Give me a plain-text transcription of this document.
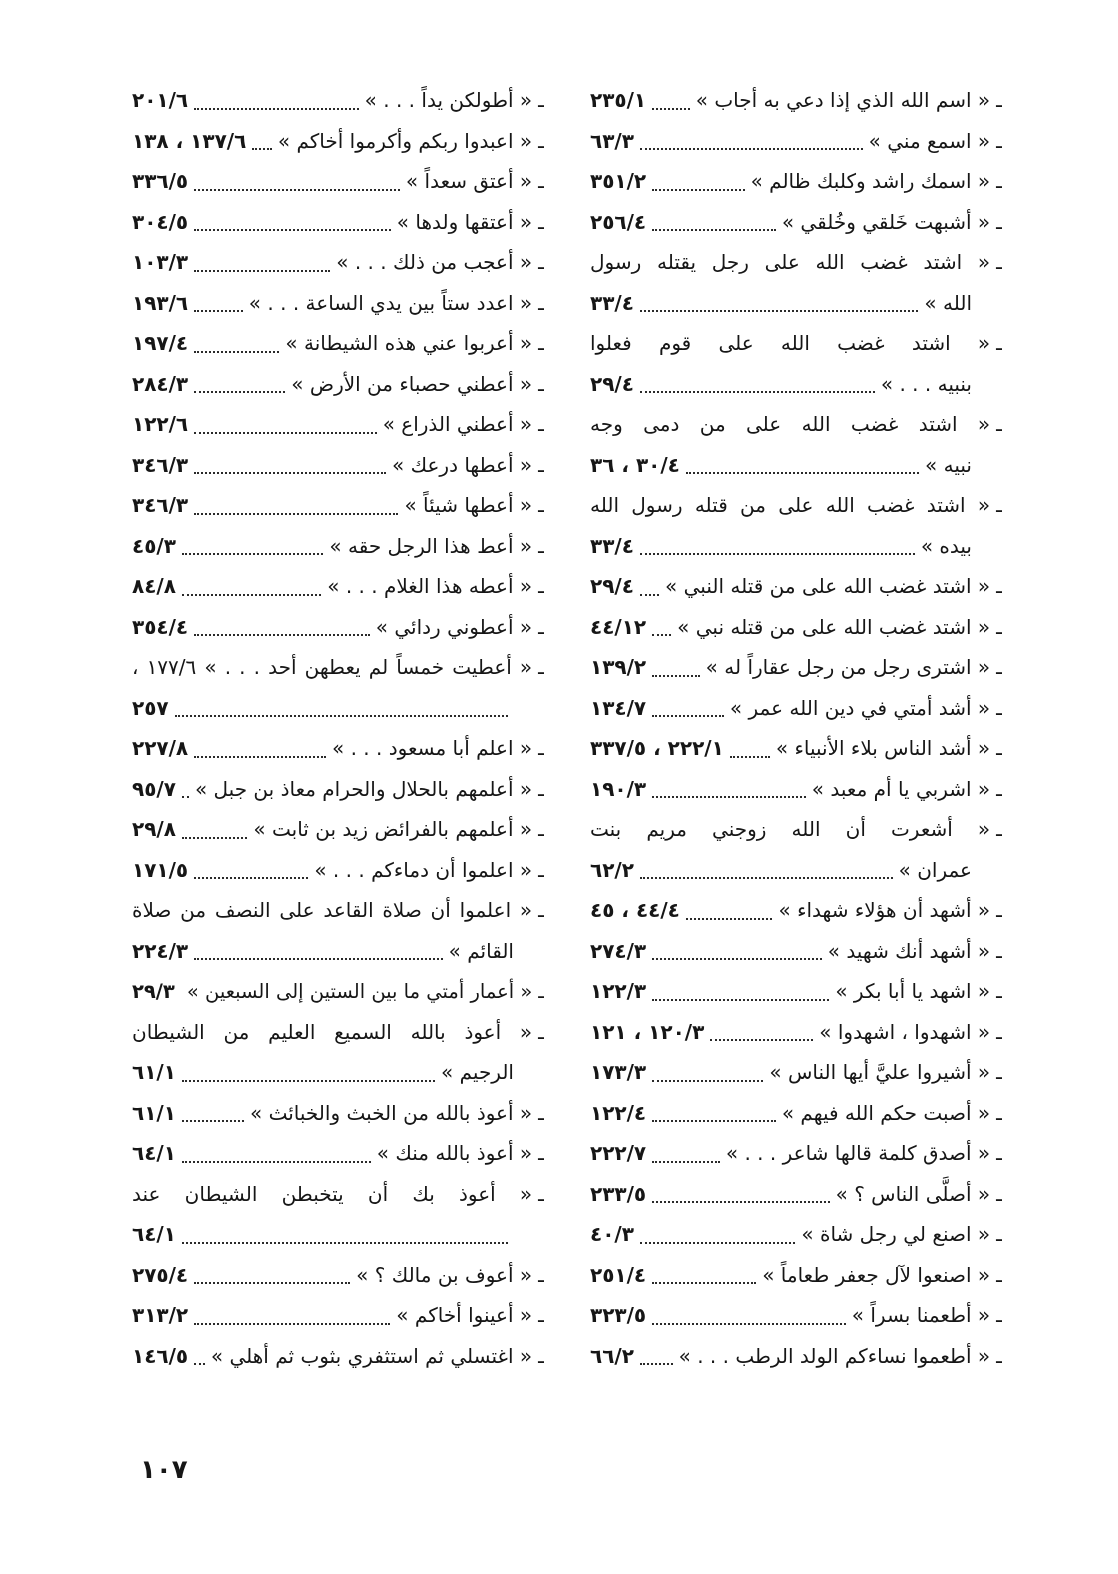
ـ
« اسم الله الذي إذا دعي به أجاب »
٢٣٥/١
ـ
« اسمع مني »
٦٣/٣
ـ
« اسمك راشد وكلبك ظالم »
٣٥١/٢
ـ
« أشبهت خَلقي وخُلقي »
٢٥٦/٤
ـ
« اشتد غضب الله على رجل يقتله رسول
الله »
٣٣/٤
ـ
« اشتد غضب الله على قوم فعلوا
بنبيه . . . »
٢٩/٤
ـ
« اشتد غضب الله على من دمى وجه
نبيه »
٣٠/٤ ، ٣٦
ـ
« اشتد غضب الله على من قتله رسول الله
بيده »
٣٣/٤
ـ
« اشتد غضب الله على من قتله النبي »
٢٩/٤
ـ
« اشتد غضب الله على من قتله نبي »
٤٤/١٢
ـ
« اشترى رجل من رجل عقاراً له »
١٣٩/٢
ـ
« أشد أمتي في دين الله عمر »
١٣٤/٧
ـ
« أشد الناس بلاء الأنبياء »
٢٢٢/١ ، ٣٣٧/٥
ـ
« اشربي يا أم معبد »
١٩٠/٣
ـ
« أشعرت أن الله زوجني مريم بنت
عمران »
٦٢/٢
ـ
« أشهد أن هؤلاء شهداء »
٤٤/٤ ، ٤٥
ـ
« أشهد أنك شهيد »
٢٧٤/٣
ـ
« اشهد يا أبا بكر »
١٢٢/٣
ـ
« اشهدوا ، اشهدوا »
١٢٠/٣ ، ١٢١
ـ
« أشيروا عليَّ أيها الناس »
١٧٣/٣
ـ
« أصبت حكم الله فيهم »
١٢٢/٤
ـ
« أصدق كلمة قالها شاعر . . . »
٢٢٢/٧
ـ
« أصلَّى الناس ؟ »
٢٣٣/٥
ـ
« اصنع لي رجل شاة »
٤٠/٣
ـ
« اصنعوا لآل جعفر طعاماً »
٢٥١/٤
ـ
« أطعمنا بسراً »
٣٢٣/٥
ـ
« أطعموا نساءكم الولد الرطب . . . »
٦٦/٢
ـ
« أطولكن يداً . . . »
٢٠١/٦
ـ
« اعبدوا ربكم وأكرموا أخاكم »
١٣٧/٦ ، ١٣٨
ـ
« أعتق سعداً »
٣٣٦/٥
ـ
« أعتقها ولدها »
٣٠٤/٥
ـ
« أعجب من ذلك . . . »
١٠٣/٣
ـ
« اعدد ستاً بين يدي الساعة . . . »
١٩٣/٦
ـ
« أعربوا عني هذه الشيطانة »
١٩٧/٤
ـ
« أعطني حصباء من الأرض »
٢٨٤/٣
ـ
« أعطني الذراع »
١٢٢/٦
ـ
« أعطها درعك »
٣٤٦/٣
ـ
« أعطها شيئاً »
٣٤٦/٣
ـ
« أعط هذا الرجل حقه »
٤٥/٣
ـ
« أعطه هذا الغلام . . . »
٨٤/٨
ـ
« أعطوني ردائي »
٣٥٤/٤
ـ
« أعطيت خمساً لم يعطهن أحد . . . » ١٧٧/٦ ،
٢٥٧
ـ
« اعلم أبا مسعود . . . »
٢٢٧/٨
ـ
« أعلمهم بالحلال والحرام معاذ بن جبل »
٩٥/٧
ـ
« أعلمهم بالفرائض زيد بن ثابت »
٢٩/٨
ـ
« اعلموا أن دماءكم . . . »
١٧١/٥
ـ
« اعلموا أن صلاة القاعد على النصف من صلاة
القائم »
٢٢٤/٣
ـ
« أعمار أمتي ما بين الستين إلى السبعين »
٢٩/٣
ـ
« أعوذ بالله السميع العليم من الشيطان
الرجيم »
٦١/١
ـ
« أعوذ بالله من الخبث والخبائث »
٦١/١
ـ
« أعوذ بالله منك »
٦٤/١
ـ
« أعوذ بك أن يتخبطن الشيطان عند
٦٤/١
ـ
« أعوف بن مالك ؟ »
٢٧٥/٤
ـ
« أعينوا أخاكم »
٣١٣/٢
ـ
« اغتسلي ثم استثفري بثوب ثم أهلي »
١٤٦/٥
١٠٧
